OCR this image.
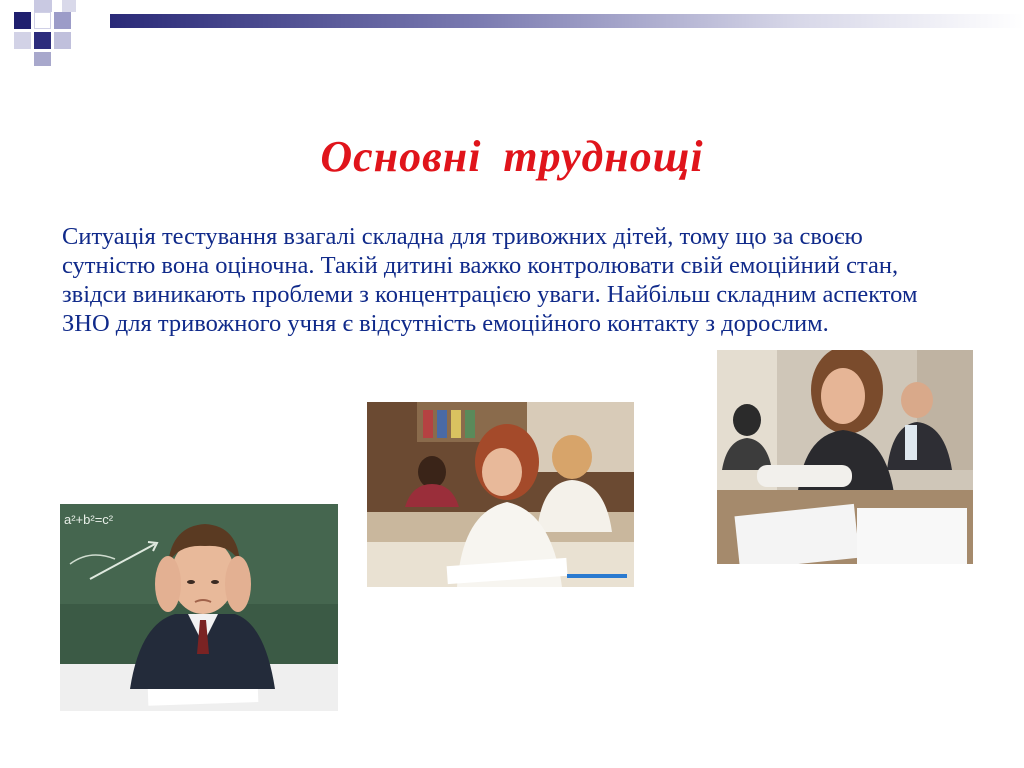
Основні труднощі

Ситуація тестування взагалі складна для тривожних дітей, тому що за своєю сутністю вона оціночна. Такій дитині важко контролювати свій емоційний стан, звідси виникають проблеми з концентрацією уваги. Найбільш складним аспектом ЗНО для тривожного учня є відсутність емоційного контакту з дорослим.

a²+b²=c²
